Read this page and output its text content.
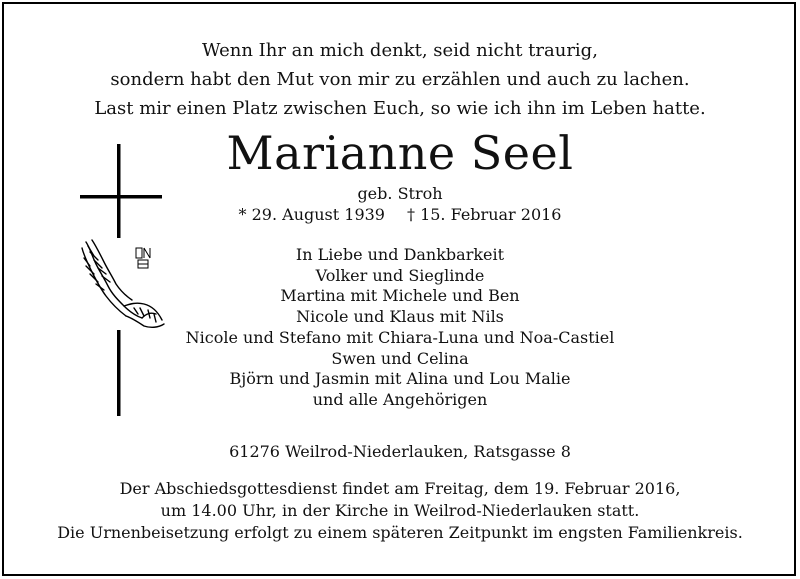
Wenn Ihr an mich denkt, seid nicht traurig,
sondern habt den Mut von mir zu erzählen und auch zu lachen.
Last mir einen Platz zwischen Euch, so wie ich ihn im Leben hatte.
Marianne Seel
geb. Stroh
* 29. August 1939 † 15. Februar 2016
In Liebe und Dankbarkeit
Volker und Sieglinde
Martina mit Michele und Ben
Nicole und Klaus mit Nils
Nicole und Stefano mit Chiara-Luna und Noa-Castiel
Swen und Celina
Björn und Jasmin mit Alina und Lou Malie
und alle Angehörigen
61276 Weilrod-Niederlauken, Ratsgasse 8
Der Abschiedsgottesdienst findet am Freitag, dem 19. Februar 2016,
um 14.00 Uhr, in der Kirche in Weilrod-Niederlauken statt.
Die Urnenbeisetzung erfolgt zu einem späteren Zeitpunkt im engsten Familienkreis.
